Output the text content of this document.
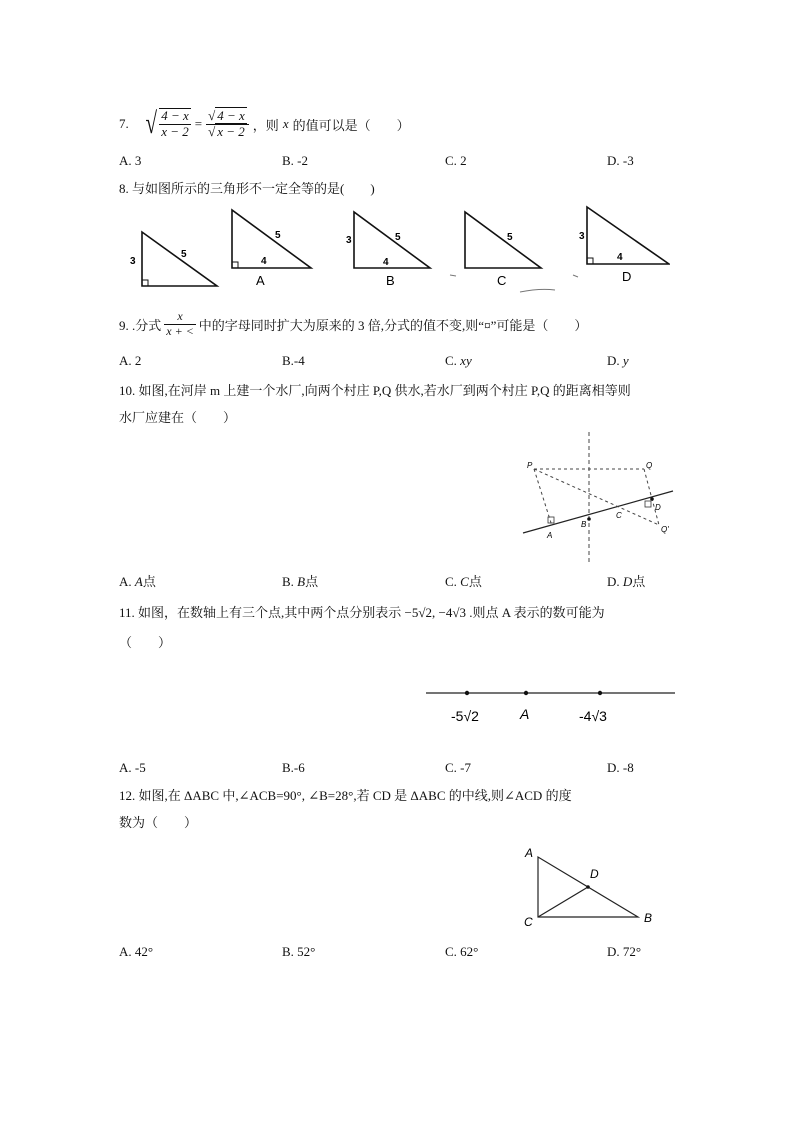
7. √ $\frac{4 - x}{x - 2} = \frac{√ 4 - x}{√ x - 2}$ ，则 x 的值可以是（　　）
A. 3	B. -2	C. 2	D. -3
8. 与如图所示的三角形不一定全等的是(　　)
3
5
5
4
A
3	5
4
B
5
C
3
4
D
9. .分式 $\frac{x}{x + <}$ 中的字母同时扩大为原来的 3 倍,分式的值不变,则“¤”可能是（　　）
A. 2	B.-4	C. xy	D. y
10. 如图,在河岸 m 上建一个水厂,向两个村庄 P,Q 供水,若水厂到两个村庄 P,Q 的距离相等则
水厂应建在（　　）
P	Q
Q'
A
B
C
D
A. A点	B. B点	C. C点	D. D点
11. 如图，在数轴上有三个点,其中两个点分别表示 −5√2, −4√3 .则点 A 表示的数可能为
（　　）
-5√2	A	-4√3
A. -5	B.-6	C. -7	D. -8
12. 如图,在 ΔABC 中,∠ACB=90°, ∠B=28°,若 CD 是 ΔABC 的中线,则∠ACD 的度
数为（　　）
A
D
C	B
A. 42°	B. 52°	C. 62°	D. 72°
